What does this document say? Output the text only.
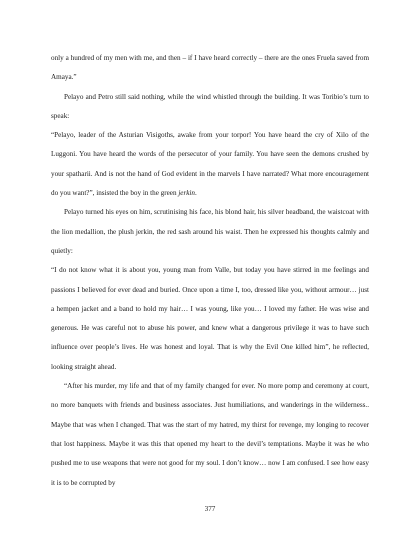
only a hundred of my men with me, and then – if I have heard correctly – there are the ones Fruela saved from Amaya.”

Pelayo and Petro still said nothing, while the wind whistled through the building. It was Toribio’s turn to speak:

“Pelayo, leader of the Asturian Visigoths, awake from your torpor! You have heard the cry of Xilo of the Luggoni. You have heard the words of the persecutor of your family. You have seen the demons crushed by your spatharii. And is not the hand of God evident in the marvels I have narrated? What more encouragement do you want?”, insisted the boy in the green jerkin.

Pelayo turned his eyes on him, scrutinising his face, his blond hair, his silver headband, the waistcoat with the lion medallion, the plush jerkin, the red sash around his waist. Then he expressed his thoughts calmly and quietly:

“I do not know what it is about you, young man from Valle, but today you have stirred in me feelings and passions I believed for ever dead and buried. Once upon a time I, too, dressed like you, without armour… just a hempen jacket and a band to hold my hair… I was young, like you… I loved my father. He was wise and generous. He was careful not to abuse his power, and knew what a dangerous privilege it was to have such influence over people’s lives. He was honest and loyal. That is why the Evil One killed him”, he reflected, looking straight ahead.

“After his murder, my life and that of my family changed for ever. No more pomp and ceremony at court, no more banquets with friends and business associates. Just humiliations, and wanderings in the wilderness.. Maybe that was when I changed. That was the start of my hatred, my thirst for revenge, my longing to recover that lost happiness. Maybe it was this that opened my heart to the devil’s temptations. Maybe it was he who pushed me to use weapons that were not good for my soul. I don’t know… now I am confused. I see how easy it is to be corrupted by

377
